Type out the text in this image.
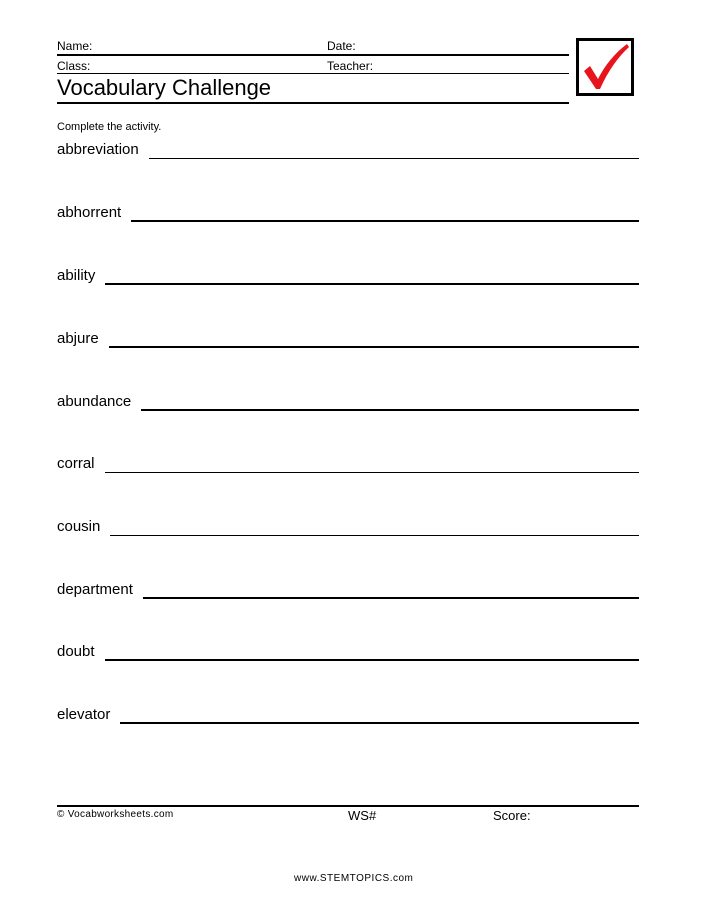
Name:	Date:
Class:	Teacher:
Vocabulary Challenge
Complete the activity.
abbreviation
abhorrent
ability
abjure
abundance
corral
cousin
department
doubt
elevator
© Vocabworksheets.com	WS#	Score:
www.STEMTOPICS.com
